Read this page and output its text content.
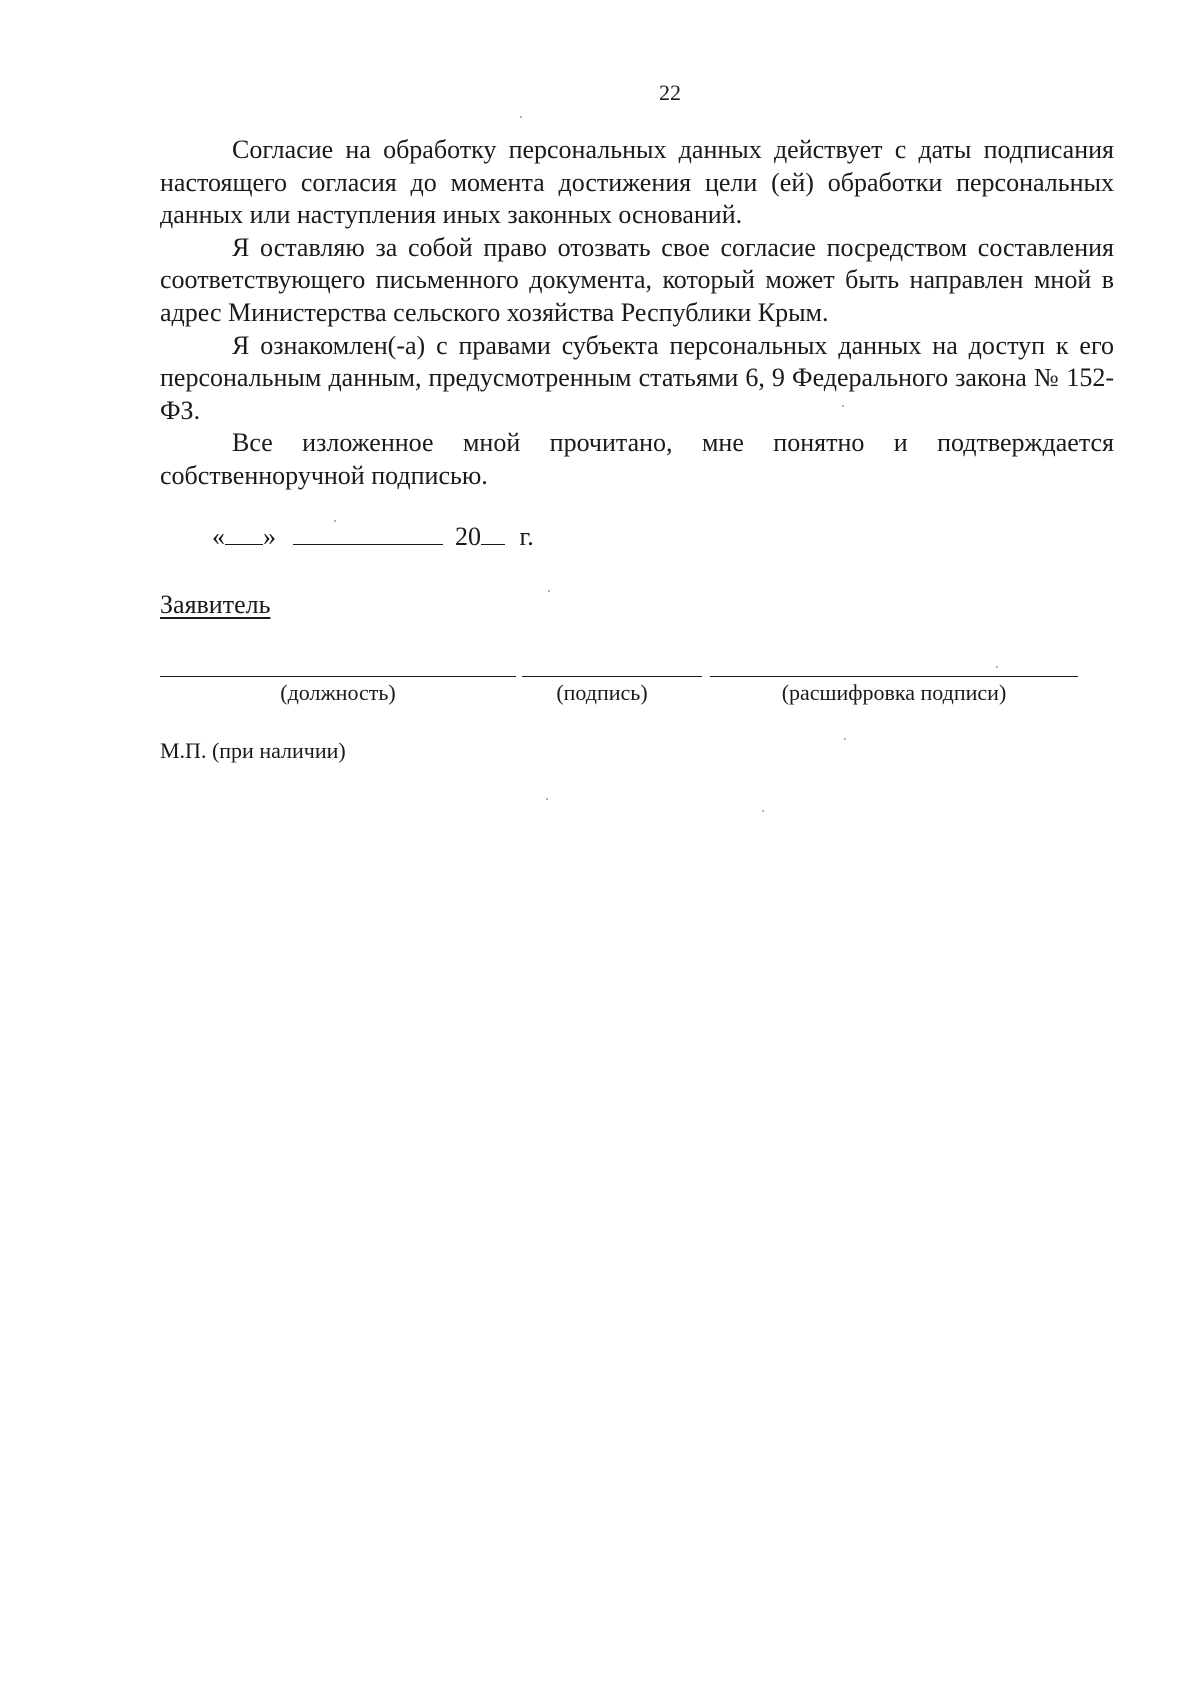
22

Согласие на обработку персональных данных действует с даты подписания настоящего согласия до момента достижения цели (ей) обработки персональных данных или наступления иных законных оснований.

Я оставляю за собой право отозвать свое согласие посредством составления соответствующего письменного документа, который может быть направлен мной в адрес Министерства сельского хозяйства Республики Крым.

Я ознакомлен(-а) с правами субъекта персональных данных на доступ к его персональным данным, предусмотренным статьями 6, 9 Федерального закона № 152-ФЗ.

Все изложенное мной прочитано, мне понятно и подтверждается собственноручной подписью.

« »	20 г.
Заявитель
(должность)	(подпись)	(расшифровка подписи)
М.П. (при наличии)
